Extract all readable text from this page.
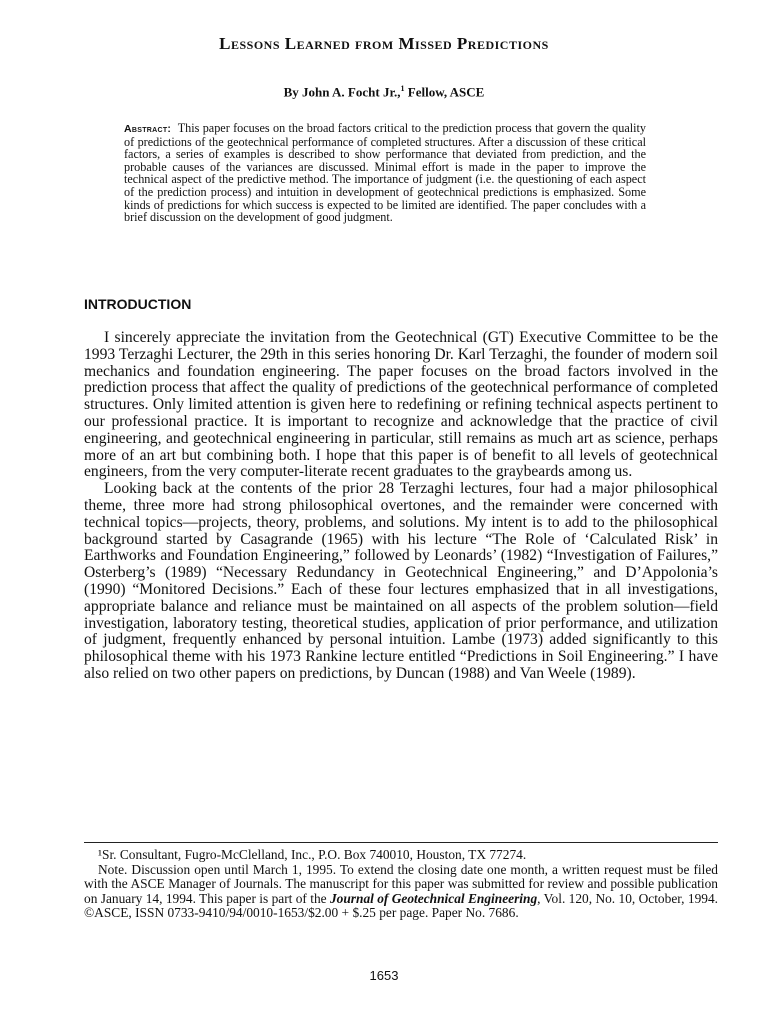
Lessons Learned from Missed Predictions
By John A. Focht Jr.,$^1$ Fellow, ASCE
Abstract: This paper focuses on the broad factors critical to the prediction process that govern the quality of predictions of the geotechnical performance of completed structures. After a discussion of these critical factors, a series of examples is described to show performance that deviated from prediction, and the probable causes of the variances are discussed. Minimal effort is made in the paper to improve the technical aspect of the predictive method. The importance of judgment (i.e. the questioning of each aspect of the prediction process) and intuition in development of geotechnical predictions is emphasized. Some kinds of predictions for which success is expected to be limited are identified. The paper concludes with a brief discussion on the development of good judgment.
INTRODUCTION

I sincerely appreciate the invitation from the Geotechnical (GT) Executive Committee to be the 1993 Terzaghi Lecturer, the 29th in this series honoring Dr. Karl Terzaghi, the founder of modern soil mechanics and foundation engineering. The paper focuses on the broad factors involved in the prediction process that affect the quality of predictions of the geotechnical performance of completed structures. Only limited attention is given here to redefining or refining technical aspects pertinent to our professional practice. It is important to recognize and acknowledge that the practice of civil engineering, and geotechnical engineering in particular, still remains as much art as science, perhaps more of an art but combining both. I hope that this paper is of benefit to all levels of geotechnical engineers, from the very computer-literate recent graduates to the graybeards among us.

Looking back at the contents of the prior 28 Terzaghi lectures, four had a major philosophical theme, three more had strong philosophical overtones, and the remainder were concerned with technical topics—projects, theory, problems, and solutions. My intent is to add to the philosophical background started by Casagrande (1965) with his lecture “The Role of ‘Calculated Risk’ in Earthworks and Foundation Engineering,” followed by Leonards’ (1982) “Investigation of Failures,” Osterberg’s (1989) “Necessary Redundancy in Geotechnical Engineering,” and D’Appolonia’s (1990) “Monitored Decisions.” Each of these four lectures emphasized that in all investigations, appropriate balance and reliance must be maintained on all aspects of the problem solution—field investigation, laboratory testing, theoretical studies, application of prior performance, and utilization of judgment, frequently enhanced by personal intuition. Lambe (1973) added significantly to this philosophical theme with his 1973 Rankine lecture entitled “Predictions in Soil Engineering.” I have also relied on two other papers on predictions, by Duncan (1988) and Van Weele (1989).

¹Sr. Consultant, Fugro-McClelland, Inc., P.O. Box 740010, Houston, TX 77274.

Note. Discussion open until March 1, 1995. To extend the closing date one month, a written request must be filed with the ASCE Manager of Journals. The manuscript for this paper was submitted for review and possible publication on January 14, 1994. This paper is part of the Journal of Geotechnical Engineering, Vol. 120, No. 10, October, 1994. ©ASCE, ISSN 0733-9410/94/0010-1653/$2.00 + $.25 per page. Paper No. 7686.

1653
